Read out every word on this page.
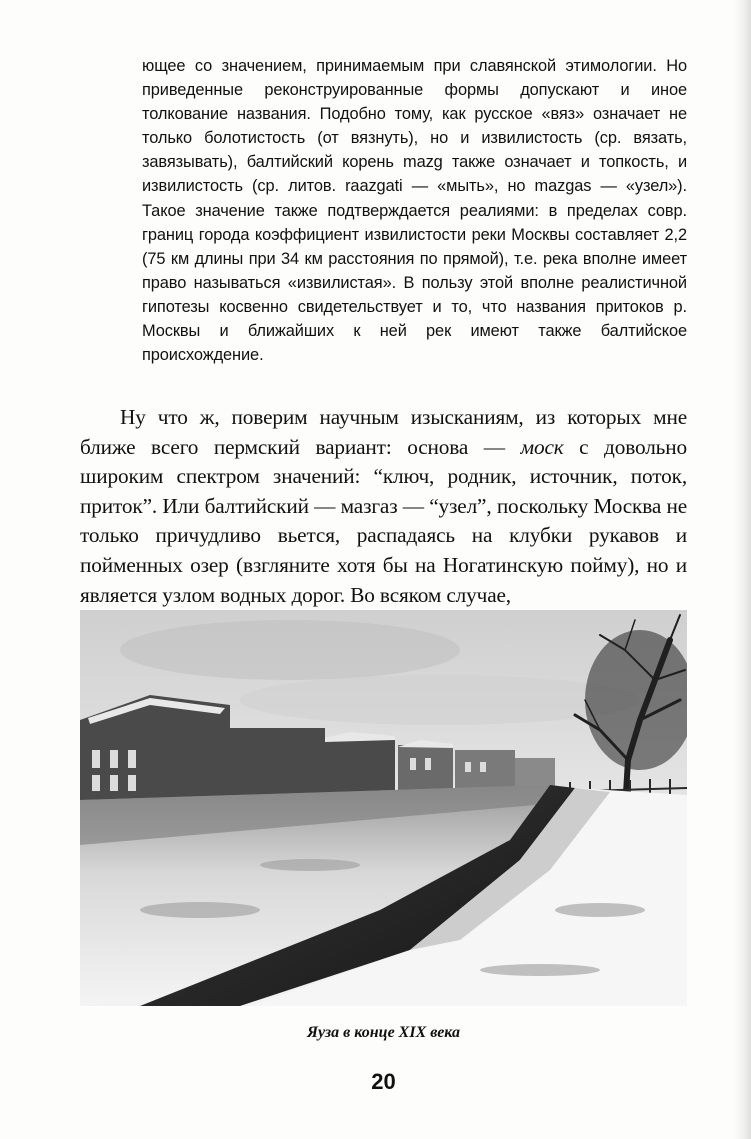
ющее со значением, принимаемым при славянской этимологии. Но приведенные реконструированные формы допускают и иное толкование названия. Подобно тому, как русское «вяз» означает не только болотистость (от вязнуть), но и извилистость (ср. вязать, завязывать), балтийский корень mazg также означает и топкость, и извилистость (ср. литов. raazgati — «мыть», но mazgas — «узел»). Такое значение также подтверждается реалиями: в пределах совр. границ города коэффициент извилистости реки Москвы составляет 2,2 (75 км длины при 34 км расстояния по прямой), т.е. река вполне имеет право называться «извилистая». В пользу этой вполне реалистичной гипотезы косвенно свидетельствует и то, что названия притоков р. Москвы и ближайших к ней рек имеют также балтийское происхождение.

Ну что ж, поверим научным изысканиям, из которых мне ближе всего пермский вариант: основа — моск с довольно широким спектром значений: “ключ, родник, источник, поток, приток”. Или балтийский — мазгаз — “узел”, поскольку Москва не только причудливо вьется, распадаясь на клубки рукавов и пойменных озер (взгляните хотя бы на Ногатинскую пойму), но и является узлом водных дорог. Во всяком случае,

Яуза в конце XIX века
20
